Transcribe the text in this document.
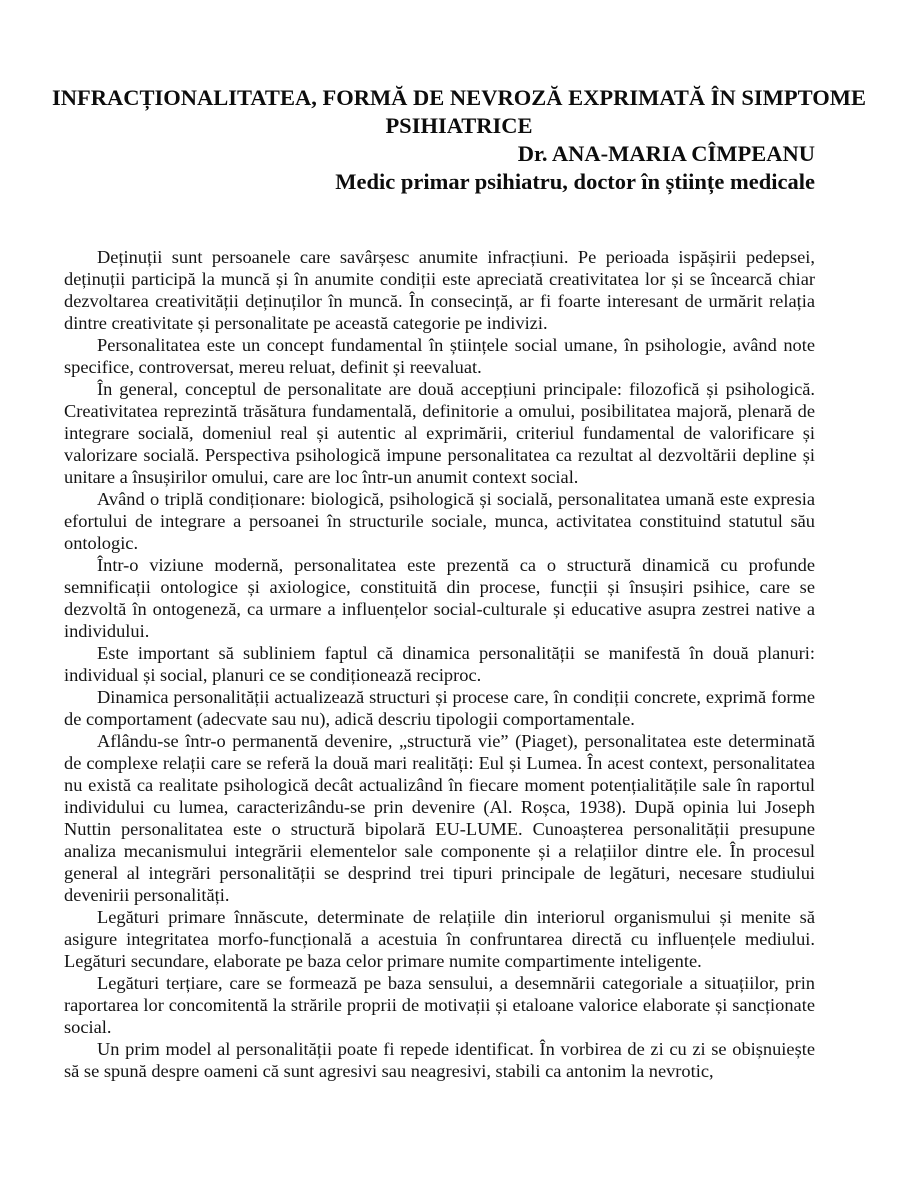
INFRACȚIONALITATEA, FORMĂ DE NEVROZĂ EXPRIMATĂ ÎN SIMPTOME
PSIHIATRICE
Dr. ANA-MARIA CÎMPEANU
Medic primar psihiatru, doctor în științe medicale

Deținuții sunt persoanele care savârșesc anumite infracțiuni. Pe perioada ispășirii pedepsei, deținuții participă la muncă și în anumite condiții este apreciată creativitatea lor și se încearcă chiar dezvoltarea creativității deținuților în muncă. În consecință, ar fi foarte interesant de urmărit relația dintre creativitate și personalitate pe această categorie pe indivizi.

Personalitatea este un concept fundamental în științele social umane, în psihologie, având note specifice, controversat, mereu reluat, definit și reevaluat.

În general, conceptul de personalitate are două accepțiuni principale: filozofică și psihologică. Creativitatea reprezintă trăsătura fundamentală, definitorie a omului, posibilitatea majoră, plenară de integrare socială, domeniul real și autentic al exprimării, criteriul fundamental de valorificare și valorizare socială. Perspectiva psihologică impune personalitatea ca rezultat al dezvoltării depline și unitare a însușirilor omului, care are loc într-un anumit context social.

Având o triplă condiționare: biologică, psihologică și socială, personalitatea umană este expresia efortului de integrare a persoanei în structurile sociale, munca, activitatea constituind statutul său ontologic.

Într-o viziune modernă, personalitatea este prezentă ca o structură dinamică cu profunde semnificații ontologice și axiologice, constituită din procese, funcții și însușiri psihice, care se dezvoltă în ontogeneză, ca urmare a influențelor social-culturale și educative asupra zestrei native a individului.

Este important să subliniem faptul că dinamica personalității se manifestă în două planuri: individual și social, planuri ce se condiționează reciproc.

Dinamica personalității actualizează structuri și procese care, în condiții concrete, exprimă forme de comportament (adecvate sau nu), adică descriu tipologii comportamentale.

Aflându-se într-o permanentă devenire, „structură vie” (Piaget), personalitatea este determinată de complexe relații care se referă la două mari realități: Eul și Lumea. În acest context, personalitatea nu există ca realitate psihologică decât actualizând în fiecare moment potențialitățile sale în raportul individului cu lumea, caracterizându-se prin devenire (Al. Roșca, 1938). După opinia lui Joseph Nuttin personalitatea este o structură bipolară EU-LUME. Cunoașterea personalității presupune analiza mecanismului integrării elementelor sale componente și a relațiilor dintre ele. În procesul general al integrări personalității se desprind trei tipuri principale de legături, necesare studiului devenirii personalități.

Legături primare înnăscute, determinate de relațiile din interiorul organismului și menite să asigure integritatea morfo-funcțională a acestuia în confruntarea directă cu influențele mediului. Legături secundare, elaborate pe baza celor primare numite compartimente inteligente.

Legături terțiare, care se formează pe baza sensului, a desemnării categoriale a situațiilor, prin raportarea lor concomitentă la strările proprii de motivații și etaloane valorice elaborate și sancționate social.

Un prim model al personalității poate fi repede identificat. În vorbirea de zi cu zi se obișnuiește să se spună despre oameni că sunt agresivi sau neagresivi, stabili ca antonim la nevrotic,
